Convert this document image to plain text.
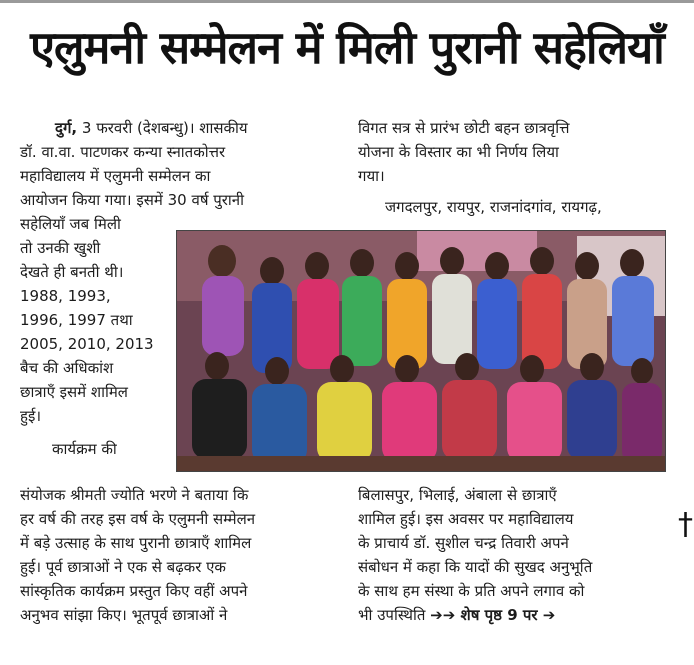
एलुमनी सम्मेलन में मिली पुरानी सहेलियाँ
दुर्ग, 3 फरवरी (देशबन्धु)। शासकीय
डॉ. वा.वा. पाटणकर कन्या स्नातकोत्तर
महाविद्यालय में एलुमनी सम्मेलन का
आयोजन किया गया। इसमें 30 वर्ष पुरानी
सहेलियाँ जब मिली
तो उनकी खुशी
देखते ही बनती थी।
1988, 1993,
1996, 1997 तथा
2005, 2010, 2013
बैच की अधिकांश
छात्राएँ इसमें शामिल
हुई।
कार्यक्रम की
संयोजक श्रीमती ज्योति भरणे ने बताया कि
हर वर्ष की तरह इस वर्ष के एलुमनी सम्मेलन
में बड़े उत्साह के साथ पुरानी छात्राएँ शामिल
हुई। पूर्व छात्राओं ने एक से बढ़कर एक
सांस्कृतिक कार्यक्रम प्रस्तुत किए वहीं अपने
अनुभव सांझा किए। भूतपूर्व छात्राओं ने
विगत सत्र से प्रारंभ छोटी बहन छात्रवृत्ति
योजना के विस्तार का भी निर्णय लिया
गया।
जगदलपुर, रायपुर, राजनांदगांव, रायगढ़,
बिलासपुर, भिलाई, अंबाला से छात्राएँ
शामिल हुई। इस अवसर पर महाविद्यालय
के प्राचार्य डॉ. सुशील चन्द्र तिवारी अपने
संबोधन में कहा कि यादों की सुखद अनुभूति
के साथ हम संस्था के प्रति अपने लगाव को
भी उपस्थिति ➔➔ शेष पृष्ठ 9 पर ➔
†
